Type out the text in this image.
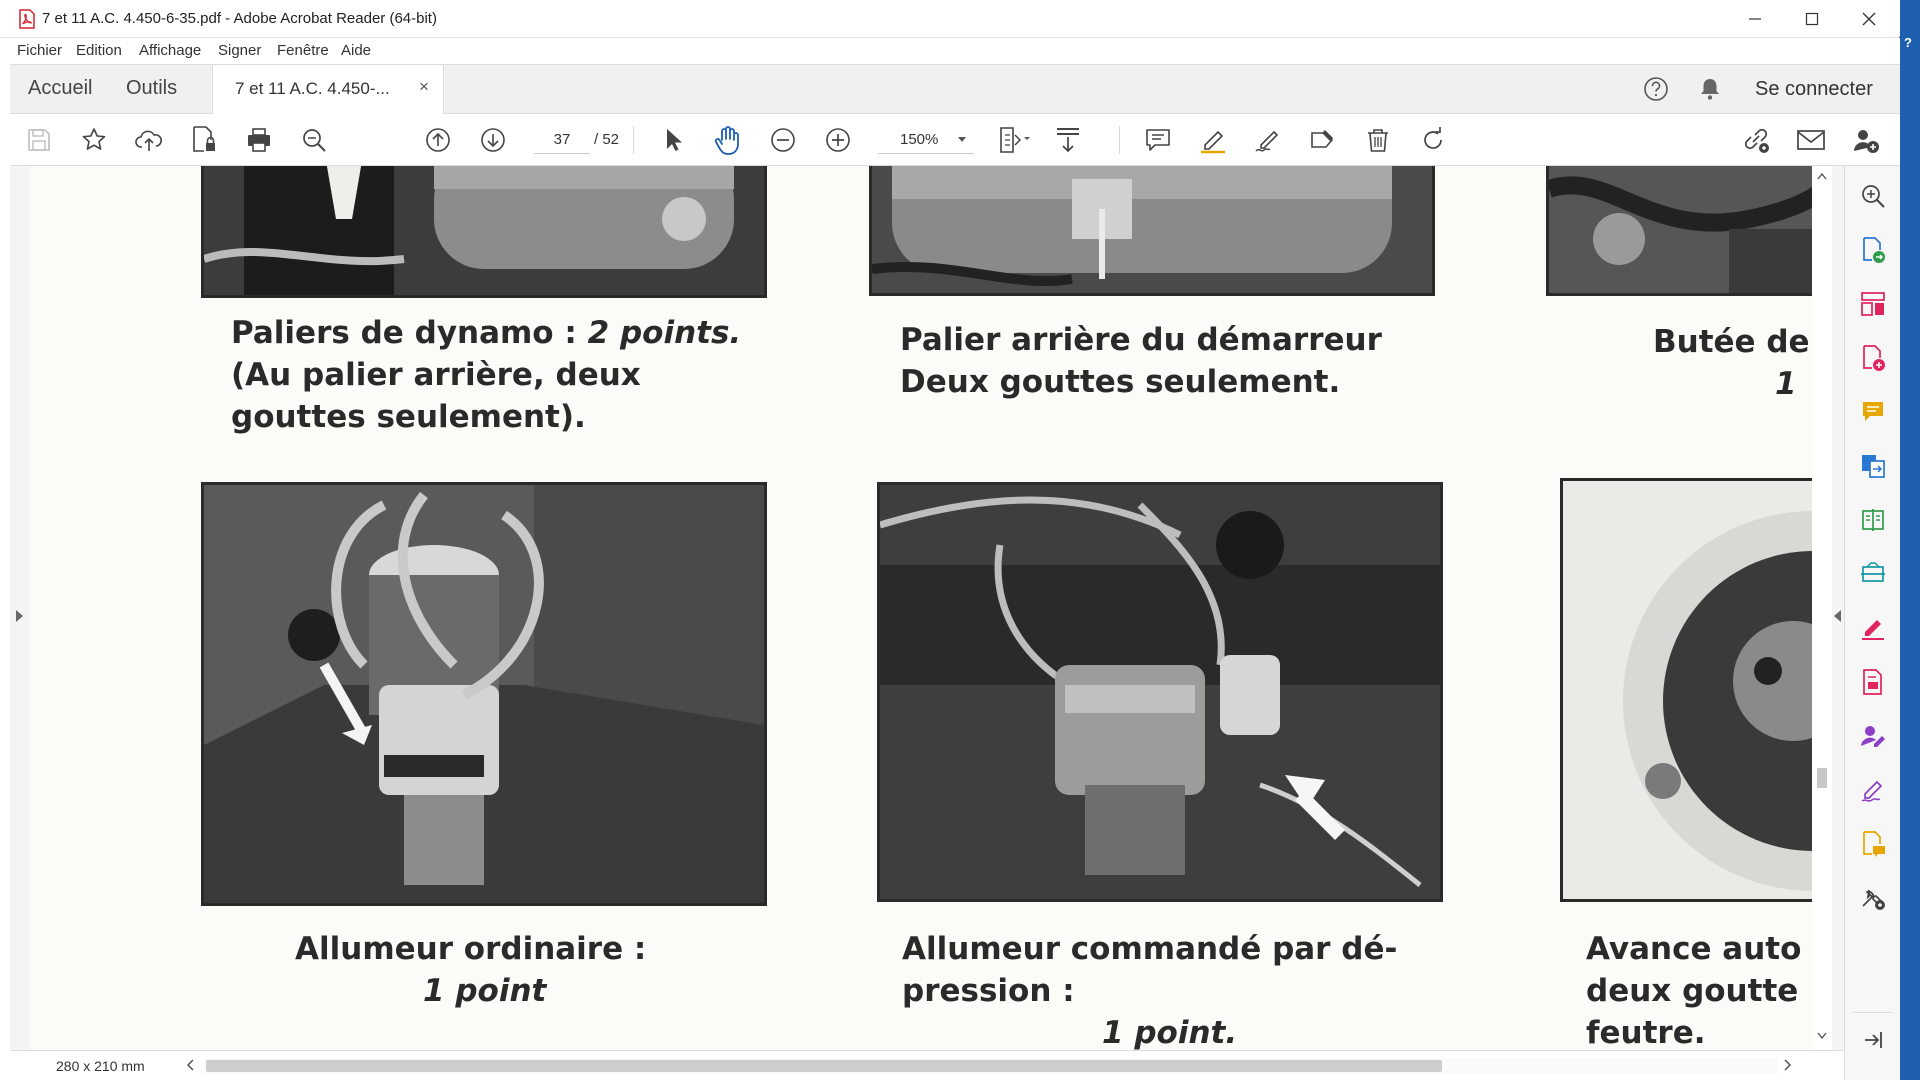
7 et 11 A.C. 4.450-6-35.pdf - Adobe Acrobat Reader (64-bit)
?
Fichier Edition Affichage Signer Fenêtre Aide
Accueil Outils	7 et 11 A.C. 4.450-... ×	Se connecter
37
/ 52	150%
Paliers de dynamo : 2 points.
(Au palier arrière, deux
gouttes seulement).
Palier arrière du démarreur
Deux gouttes seulement.
Butée de
1
Allumeur ordinaire :
1 point
Allumeur commandé par dé-
pression :
1 point.
Avance auto
deux goutte
feutre.
280 x 210 mm
